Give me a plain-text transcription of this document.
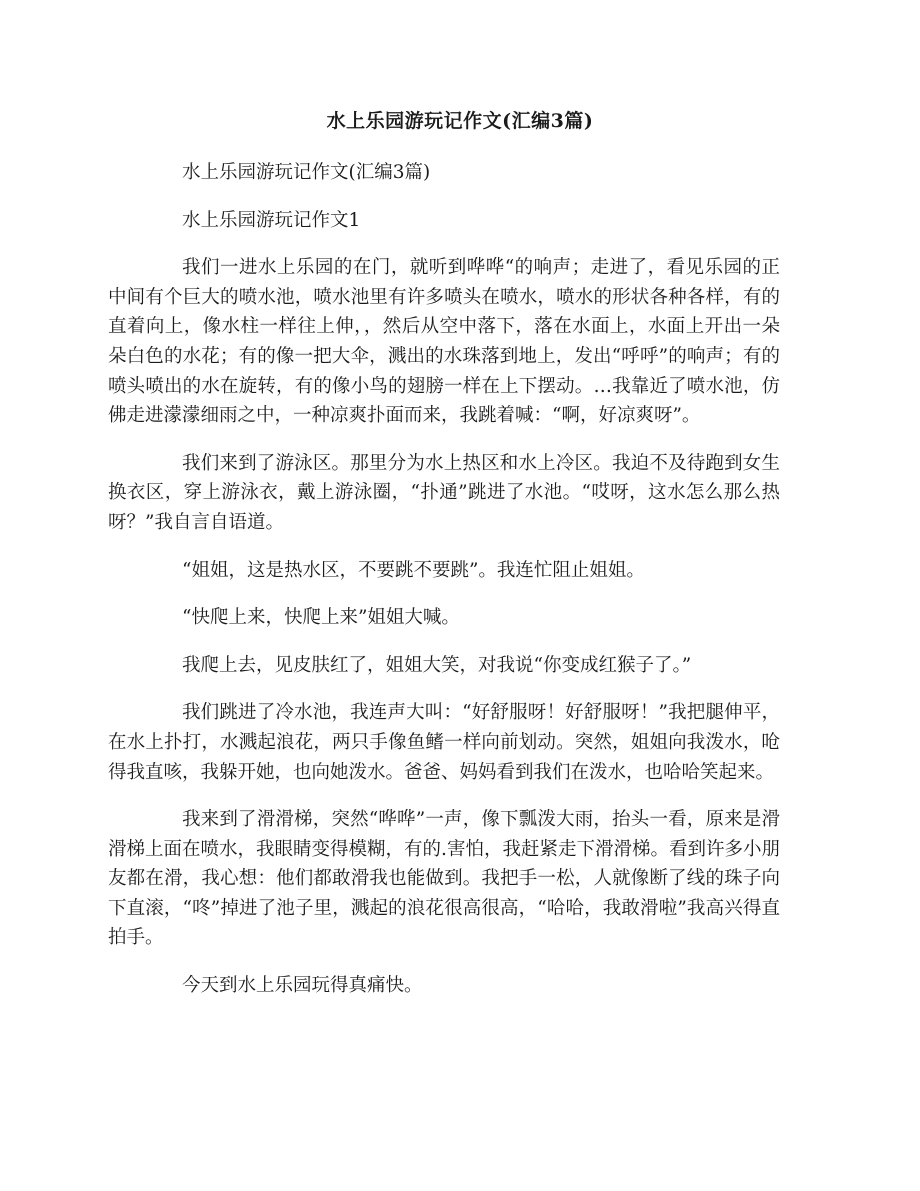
水上乐园游玩记作文(汇编3篇)

水上乐园游玩记作文(汇编3篇)

水上乐园游玩记作文1

我们一进水上乐园的在门，就听到哗哗“的响声；走进了，看见乐园的正中间有个巨大的喷水池，喷水池里有许多喷头在喷水，喷水的形状各种各样，有的直着向上，像水柱一样往上伸，，然后从空中落下，落在水面上，水面上开出一朵朵白色的水花；有的像一把大伞，溅出的水珠落到地上，发出“呼呼”的响声；有的喷头喷出的水在旋转，有的像小鸟的翅膀一样在上下摆动。…我靠近了喷水池，仿佛走进濛濛细雨之中，一种凉爽扑面而来，我跳着喊：“啊，好凉爽呀”。

我们来到了游泳区。那里分为水上热区和水上冷区。我迫不及待跑到女生换衣区，穿上游泳衣，戴上游泳圈，“扑通”跳进了水池。“哎呀，这水怎么那么热呀？”我自言自语道。

“姐姐，这是热水区，不要跳不要跳”。我连忙阻止姐姐。

“快爬上来，快爬上来”姐姐大喊。

我爬上去，见皮肤红了，姐姐大笑，对我说“你变成红猴子了。”

我们跳进了冷水池，我连声大叫：“好舒服呀！好舒服呀！”我把腿伸平，在水上扑打，水溅起浪花，两只手像鱼鳍一样向前划动。突然，姐姐向我泼水，呛得我直咳，我躲开她，也向她泼水。爸爸、妈妈看到我们在泼水，也哈哈笑起来。

我来到了滑滑梯，突然“哗哗”一声，像下瓢泼大雨，抬头一看，原来是滑滑梯上面在喷水，我眼睛变得模糊，有的.害怕，我赶紧走下滑滑梯。看到许多小朋友都在滑，我心想：他们都敢滑我也能做到。我把手一松，人就像断了线的珠子向下直滚，“咚”掉进了池子里，溅起的浪花很高很高，“哈哈，我敢滑啦”我高兴得直拍手。

今天到水上乐园玩得真痛快。
